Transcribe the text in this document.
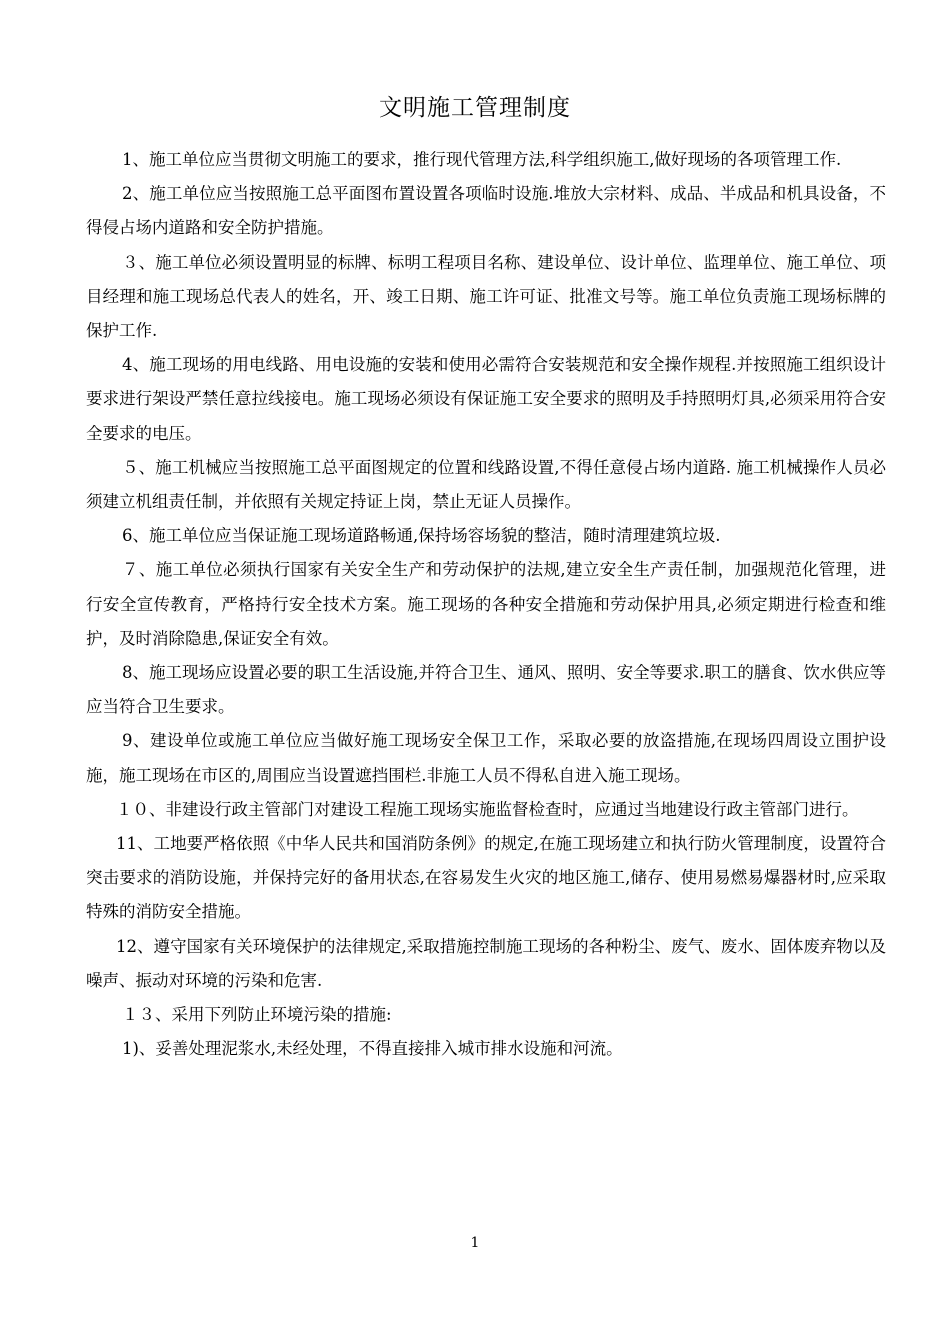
文明施工管理制度

1、施工单位应当贯彻文明施工的要求，推行现代管理方法,科学组织施工,做好现场的各项管理工作.

2、施工单位应当按照施工总平面图布置设置各项临时设施.堆放大宗材料、成品、半成品和机具设备，不得侵占场内道路和安全防护措施。

３、施工单位必须设置明显的标牌、标明工程项目名称、建设单位、设计单位、监理单位、施工单位、项目经理和施工现场总代表人的姓名，开、竣工日期、施工许可证、批准文号等。施工单位负责施工现场标牌的保护工作.

4、施工现场的用电线路、用电设施的安装和使用必需符合安装规范和安全操作规程.并按照施工组织设计要求进行架设严禁任意拉线接电。施工现场必须设有保证施工安全要求的照明及手持照明灯具,必须采用符合安全要求的电压。

５、施工机械应当按照施工总平面图规定的位置和线路设置,不得任意侵占场内道路. 施工机械操作人员必须建立机组责任制，并依照有关规定持证上岗，禁止无证人员操作。

6、施工单位应当保证施工现场道路畅通,保持场容场貌的整洁，随时清理建筑垃圾.

７、施工单位必须执行国家有关安全生产和劳动保护的法规,建立安全生产责任制，加强规范化管理，进行安全宣传教育，严格持行安全技术方案。施工现场的各种安全措施和劳动保护用具,必须定期进行检查和维护，及时消除隐患,保证安全有效。

8、施工现场应设置必要的职工生活设施,并符合卫生、通风、照明、安全等要求.职工的膳食、饮水供应等应当符合卫生要求。

9、建设单位或施工单位应当做好施工现场安全保卫工作，采取必要的放盗措施,在现场四周设立围护设施，施工现场在市区的,周围应当设置遮挡围栏.非施工人员不得私自进入施工现场。

１０、非建设行政主管部门对建设工程施工现场实施监督检查时，应通过当地建设行政主管部门进行。

11、工地要严格依照《中华人民共和国消防条例》的规定,在施工现场建立和执行防火管理制度，设置符合突击要求的消防设施，并保持完好的备用状态,在容易发生火灾的地区施工,储存、使用易燃易爆器材时,应采取特殊的消防安全措施。

12、遵守国家有关环境保护的法律规定,采取措施控制施工现场的各种粉尘、废气、废水、固体废弃物以及噪声、振动对环境的污染和危害.

１３、采用下列防止环境污染的措施:

1)、妥善处理泥浆水,未经处理，不得直接排入城市排水设施和河流。

1
